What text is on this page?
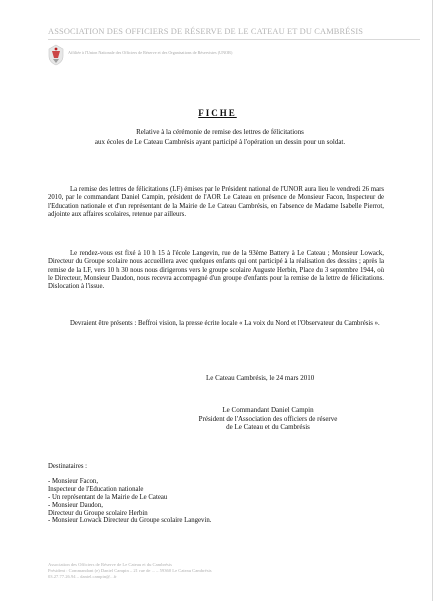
ASSOCIATION DES OFFICIERS DE RÉSERVE DE LE CATEAU ET DU CAMBRÉSIS
Affiliée à l'Union Nationale des Officiers de Réserve et des Organisations de Réservistes (UNOR)
FICHE
Relative à la cérémonie de remise des lettres de félicitations
aux écoles de Le Cateau Cambrésis ayant participé à l'opération un dessin pour un soldat.
La remise des lettres de félicitations (LF) émises par le Président national de l'UNOR aura lieu le vendredi 26 mars 2010, par le commandant Daniel Campin, président de l'AOR Le Cateau en présence de Monsieur Facon, Inspecteur de l'Education nationale et d'un représentant de la Mairie de Le Cateau Cambrésis, en l'absence de Madame Isabelle Pierrot, adjointe aux affaires scolaires, retenue par ailleurs.
Le rendez-vous est fixé à 10 h 15 à l'école Langevin, rue de la 93ème Battery à Le Cateau ; Monsieur Lowack, Directeur du Groupe scolaire nous accueillera avec quelques enfants qui ont participé à la réalisation des dessins ; après la remise de la LF, vers 10 h 30 nous nous dirigerons vers le groupe scolaire Auguste Herbin, Place du 3 septembre 1944, où le Directeur, Monsieur Daudon, nous recevra accompagné d'un groupe d'enfants pour la remise de la lettre de félicitations. Dislocation à l'issue.
Devraient être présents : Beffroi vision, la presse écrite locale « La voix du Nord et l'Observateur du Cambrésis ».
Le Cateau Cambrésis, le 24 mars 2010
Le Commandant Daniel Campin
Président de l'Association des officiers de réserve
de Le Cateau et du Cambrésis
Destinataires :
- Monsieur Facon,
Inspecteur de l'Education nationale
- Un représentant de la Mairie de Le Cateau
- Monsieur Daudon,
Directeur du Groupe scolaire Herbin
- Monsieur Lowack Directeur du Groupe scolaire Langevin.
Association des Officiers de Réserve de Le Cateau et du Cambrésis
Président : Commandant (e) Daniel Campin – 21 rue de ... – 59360 Le Cateau Cambrésis
03.27.77.26.94 – daniel.campin@...fr
